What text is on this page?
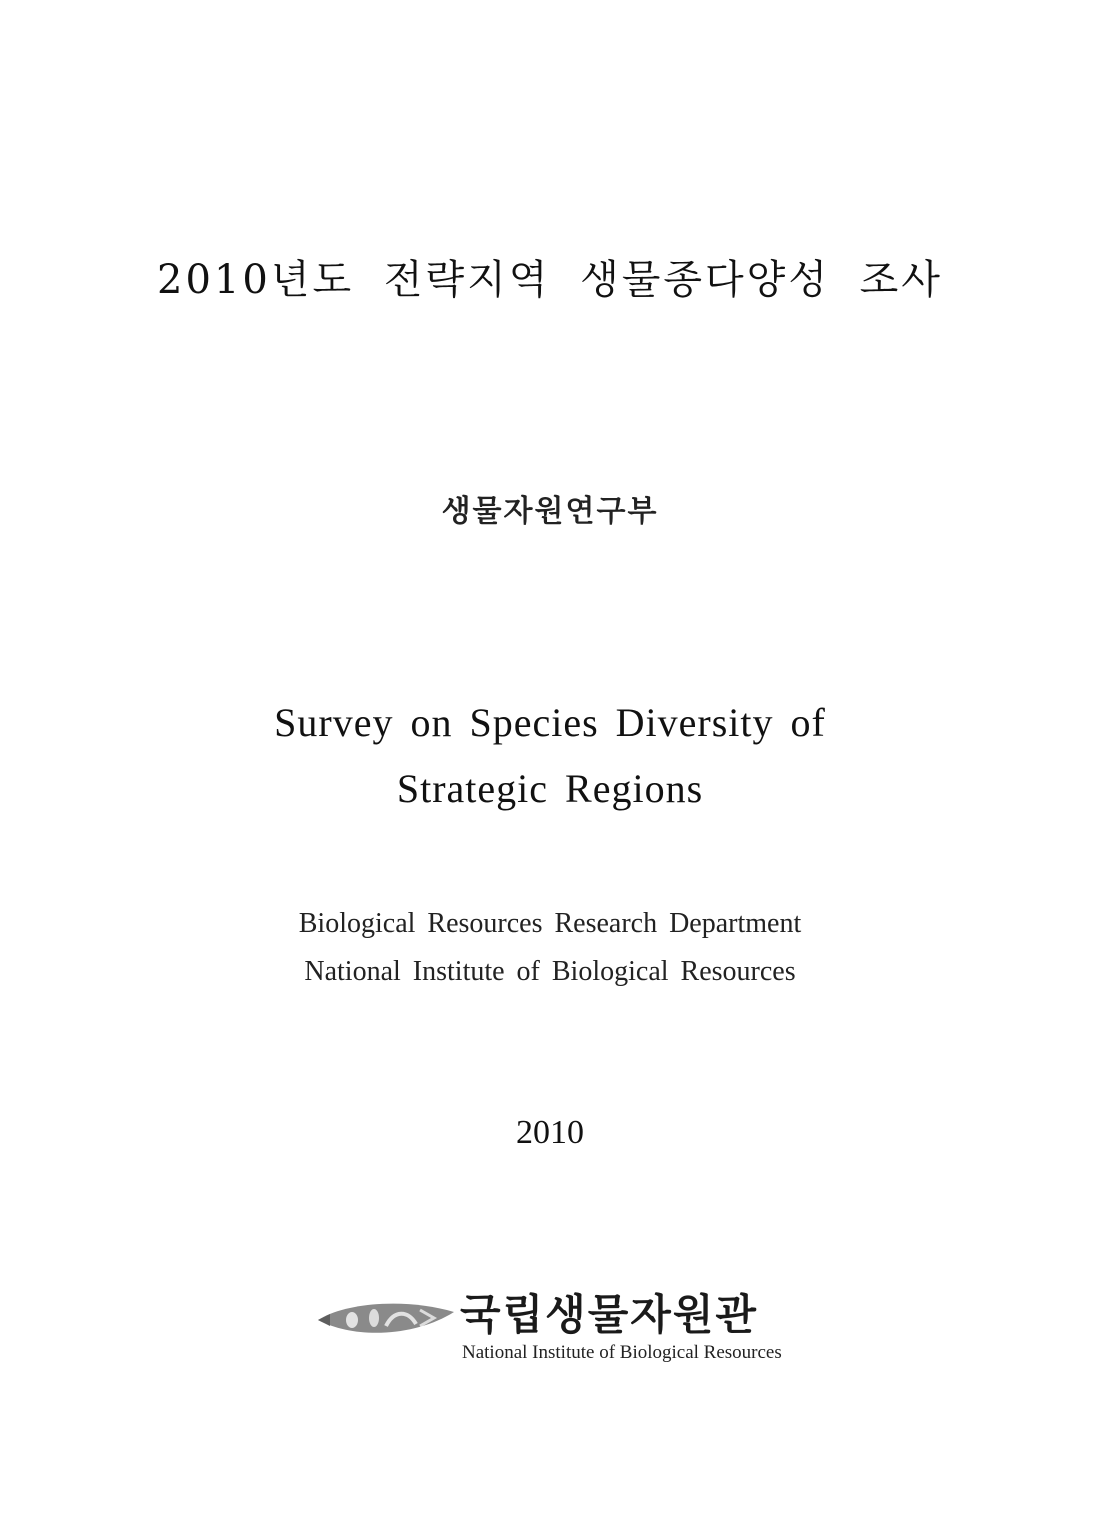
2010년도 전략지역 생물종다양성 조사
생물자원연구부
Survey on Species Diversity of
Strategic Regions
Biological Resources Research Department
National Institute of Biological Resources
2010
국립생물자원관
National Institute of Biological Resources
